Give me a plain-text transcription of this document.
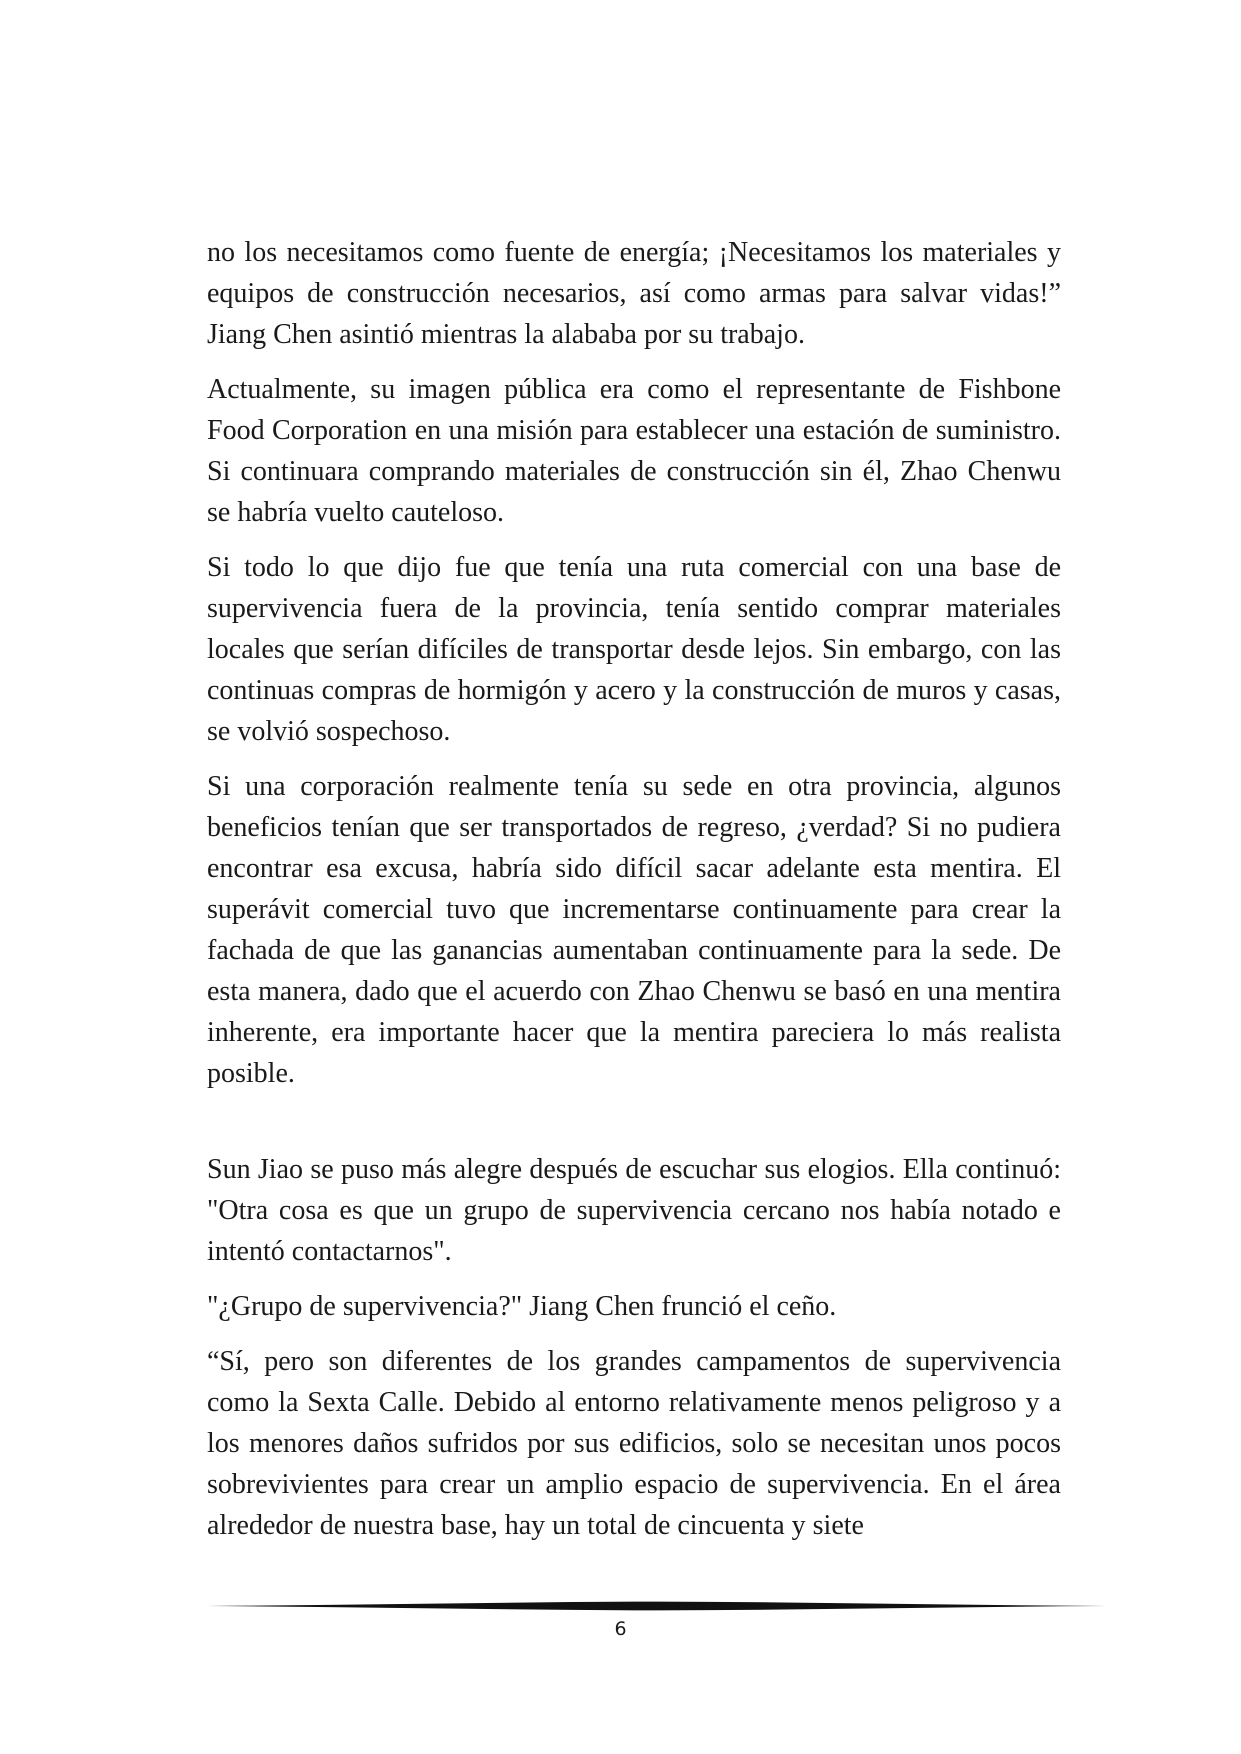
no los necesitamos como fuente de energía; ¡Necesitamos los materiales y equipos de construcción necesarios, así como armas para salvar vidas!” Jiang Chen asintió mientras la alababa por su trabajo.

Actualmente, su imagen pública era como el representante de Fishbone Food Corporation en una misión para establecer una estación de suministro. Si continuara comprando materiales de construcción sin él, Zhao Chenwu se habría vuelto cauteloso.

Si todo lo que dijo fue que tenía una ruta comercial con una base de supervivencia fuera de la provincia, tenía sentido comprar materiales locales que serían difíciles de transportar desde lejos. Sin embargo, con las continuas compras de hormigón y acero y la construcción de muros y casas, se volvió sospechoso.

Si una corporación realmente tenía su sede en otra provincia, algunos beneficios tenían que ser transportados de regreso, ¿verdad? Si no pudiera encontrar esa excusa, habría sido difícil sacar adelante esta mentira. El superávit comercial tuvo que incrementarse continuamente para crear la fachada de que las ganancias aumentaban continuamente para la sede. De esta manera, dado que el acuerdo con Zhao Chenwu se basó en una mentira inherente, era importante hacer que la mentira pareciera lo más realista posible.

Sun Jiao se puso más alegre después de escuchar sus elogios. Ella continuó: "Otra cosa es que un grupo de supervivencia cercano nos había notado e intentó contactarnos".

"¿Grupo de supervivencia?" Jiang Chen frunció el ceño.

“Sí, pero son diferentes de los grandes campamentos de supervivencia como la Sexta Calle. Debido al entorno relativamente menos peligroso y a los menores daños sufridos por sus edificios, solo se necesitan unos pocos sobrevivientes para crear un amplio espacio de supervivencia. En el área alrededor de nuestra base, hay un total de cincuenta y siete

6
